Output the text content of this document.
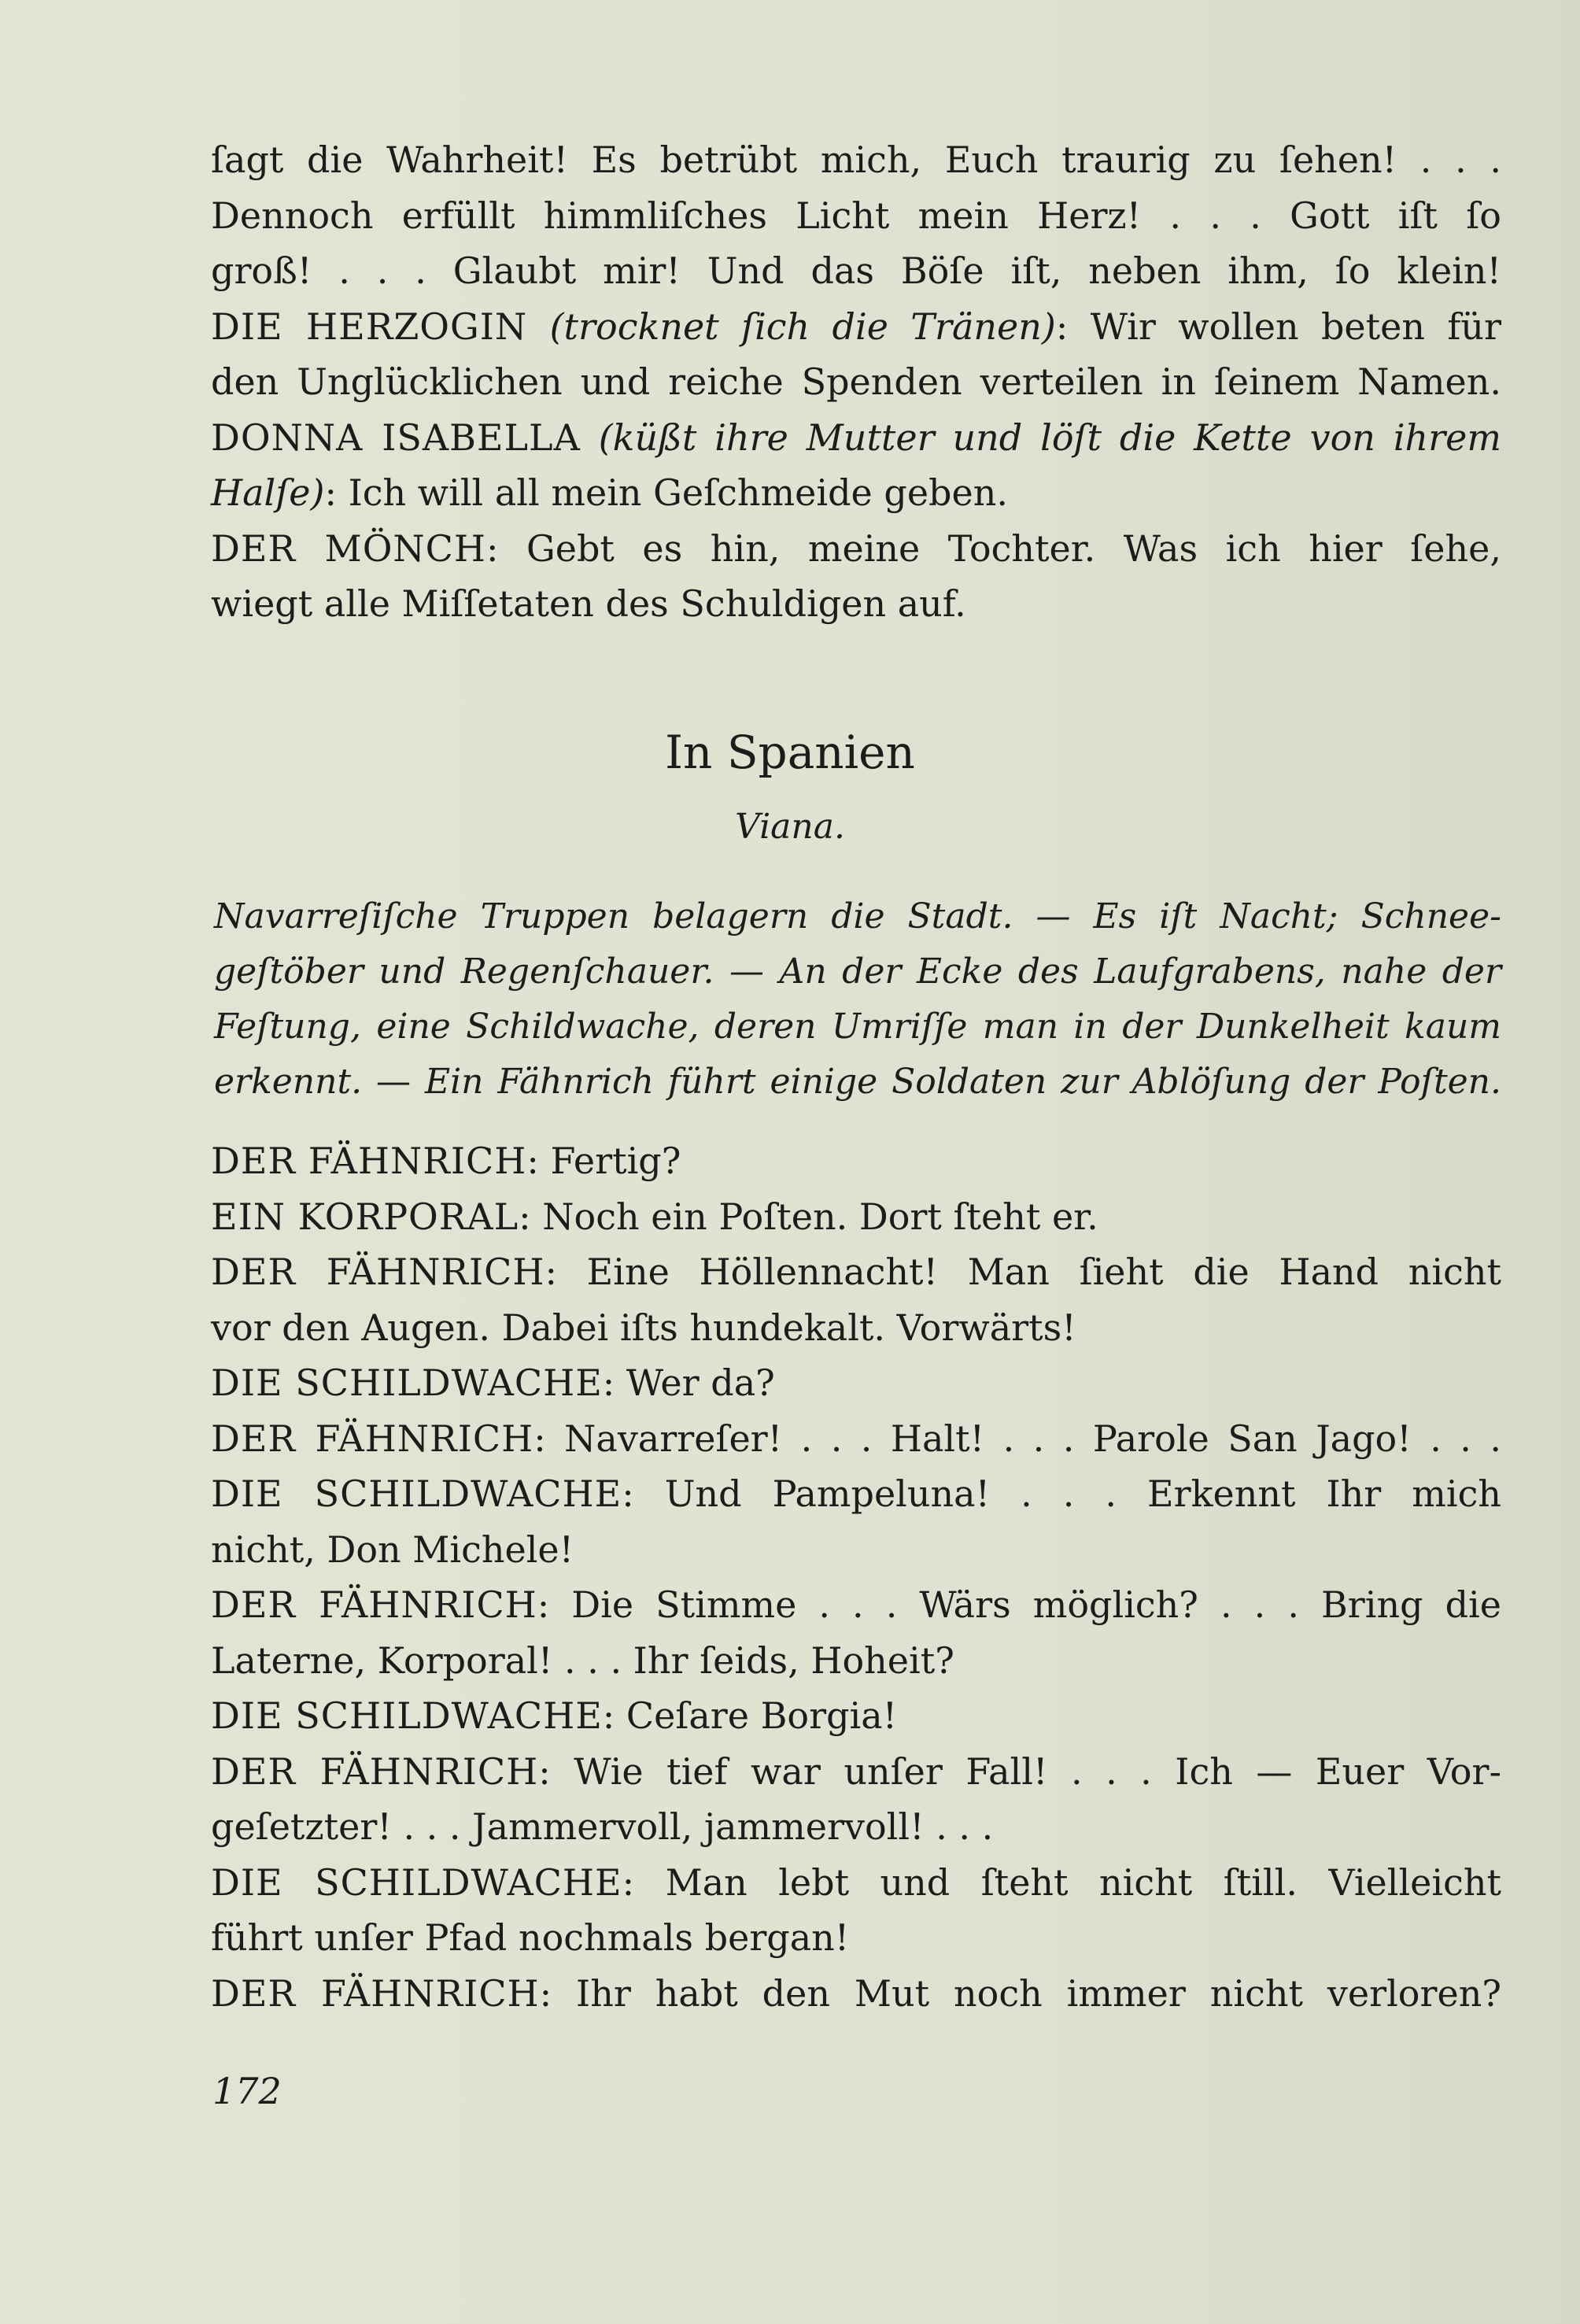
ſagt die Wahrheit! Es betrübt mich, Euch traurig zu ſehen! . . .
Dennoch erfüllt himmliſches Licht mein Herz! . . . Gott iſt ſo
groß! . . . Glaubt mir! Und das Böſe iſt, neben ihm, ſo klein!
DIE HERZOGIN (trocknet ſich die Tränen): Wir wollen beten für
den Unglücklichen und reiche Spenden verteilen in ſeinem Namen.
DONNA ISABELLA (küßt ihre Mutter und löſt die Kette von ihrem
Halſe): Ich will all mein Geſchmeide geben.
DER MÖNCH: Gebt es hin, meine Tochter. Was ich hier ſehe,
wiegt alle Miſſetaten des Schuldigen auf.
In Spanien
Viana.
Navarreſiſche Truppen belagern die Stadt. — Es iſt Nacht; Schnee-
geſtöber und Regenſchauer. — An der Ecke des Laufgrabens, nahe der
Feſtung, eine Schildwache, deren Umriſſe man in der Dunkelheit kaum
erkennt. — Ein Fähnrich führt einige Soldaten zur Ablöſung der Poſten.
DER FÄHNRICH: Fertig?
EIN KORPORAL: Noch ein Poſten. Dort ſteht er.
DER FÄHNRICH: Eine Höllennacht! Man ſieht die Hand nicht
vor den Augen. Dabei iſts hundekalt. Vorwärts!
DIE SCHILDWACHE: Wer da?
DER FÄHNRICH: Navarreſer! . . . Halt! . . . Parole San Jago! . . .
DIE SCHILDWACHE: Und Pampeluna! . . . Erkennt Ihr mich
nicht, Don Michele!
DER FÄHNRICH: Die Stimme . . . Wärs möglich? . . . Bring die
Laterne, Korporal! . . . Ihr ſeids, Hoheit?
DIE SCHILDWACHE: Ceſare Borgia!
DER FÄHNRICH: Wie tief war unſer Fall! . . . Ich — Euer Vor-
geſetzter! . . . Jammervoll, jammervoll! . . .
DIE SCHILDWACHE: Man lebt und ſteht nicht ſtill. Vielleicht
führt unſer Pfad nochmals bergan!
DER FÄHNRICH: Ihr habt den Mut noch immer nicht verloren?
172
